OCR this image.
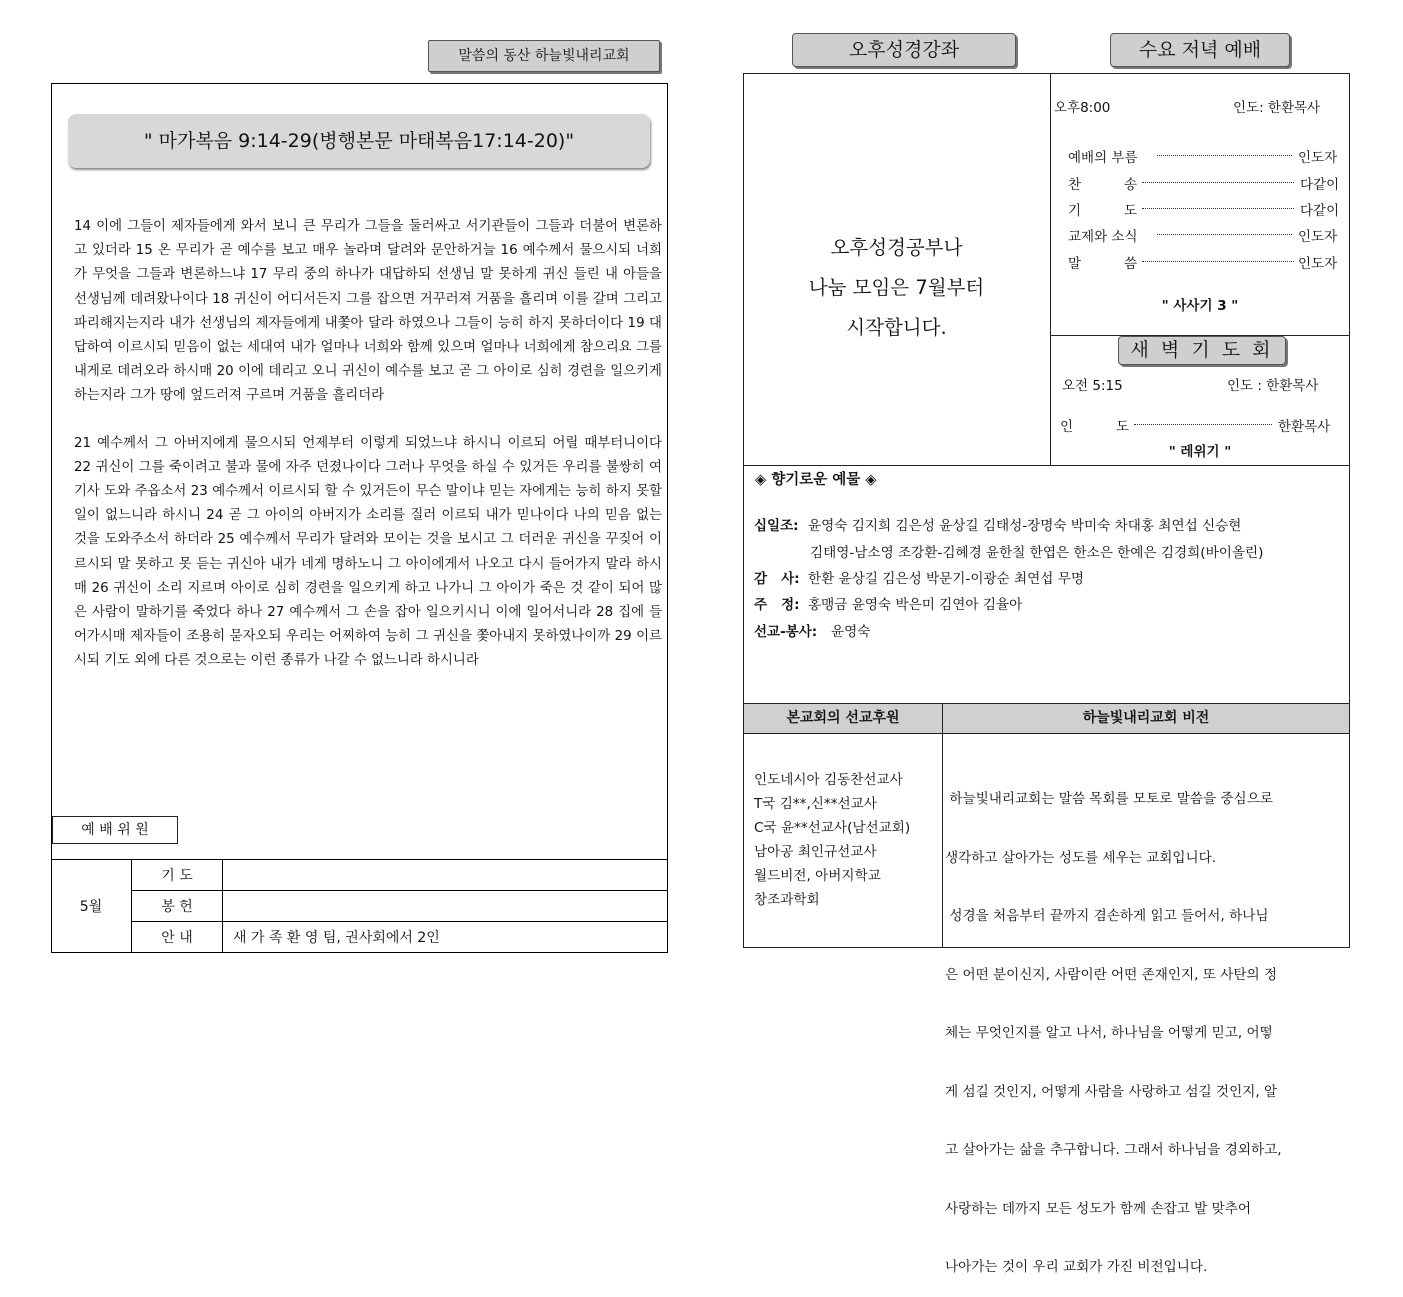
말씀의 동산 하늘빛내리교회
" 마가복음 9:14-29(병행본문 마태복음17:14-20)"

14 이에 그들이 제자들에게 와서 보니 큰 무리가 그들을 둘러싸고 서기관들이 그들과 더불어 변론하고 있더라 15 온 무리가 곧 예수를 보고 매우 놀라며 달려와 문안하거늘 16 예수께서 물으시되 너희가 무엇을 그들과 변론하느냐 17 무리 중의 하나가 대답하되 선생님 말 못하게 귀신 들린 내 아들을 선생님께 데려왔나이다 18 귀신이 어디서든지 그를 잡으면 거꾸러져 거품을 흘리며 이를 갈며 그리고 파리해지는지라 내가 선생님의 제자들에게 내쫓아 달라 하였으나 그들이 능히 하지 못하더이다 19 대답하여 이르시되 믿음이 없는 세대여 내가 얼마나 너희와 함께 있으며 얼마나 너희에게 참으리요 그를 내게로 데려오라 하시매 20 이에 데리고 오니 귀신이 예수를 보고 곧 그 아이로 심히 경련을 일으키게 하는지라 그가 땅에 엎드러져 구르며 거품을 흘리더라

21 예수께서 그 아버지에게 물으시되 언제부터 이렇게 되었느냐 하시니 이르되 어릴 때부터니이다 22 귀신이 그를 죽이려고 불과 물에 자주 던졌나이다 그러나 무엇을 하실 수 있거든 우리를 불쌍히 여기사 도와 주옵소서 23 예수께서 이르시되 할 수 있거든이 무슨 말이냐 믿는 자에게는 능히 하지 못할 일이 없느니라 하시니 24 곧 그 아이의 아버지가 소리를 질러 이르되 내가 믿나이다 나의 믿음 없는 것을 도와주소서 하더라 25 예수께서 무리가 달려와 모이는 것을 보시고 그 더러운 귀신을 꾸짖어 이르시되 말 못하고 못 듣는 귀신아 내가 네게 명하노니 그 아이에게서 나오고 다시 들어가지 말라 하시매 26 귀신이 소리 지르며 아이로 심히 경련을 일으키게 하고 나가니 그 아이가 죽은 것 같이 되어 많은 사람이 말하기를 죽었다 하나 27 예수께서 그 손을 잡아 일으키시니 이에 일어서니라 28 집에 들어가시매 제자들이 조용히 묻자오되 우리는 어찌하여 능히 그 귀신을 쫓아내지 못하였나이까 29 이르시되 기도 외에 다른 것으로는 이런 종류가 나갈 수 없느니라 하시니라

예 배 위 원
5월	기 도	
	봉 헌	
	안 내	새 가 족 환 영 팀, 권사회에서 2인
오후성경강좌	수요 저녁 예배
오후성경공부나
나눔 모임은 7월부터
시작합니다.
오후8:00	인도: 한환목사
예배의 부름	인도자
찬          송	다같이
기          도	다같이
교제와 소식	인도자
말          씀	인도자
" 사사기 3 "
새 벽 기 도 회
오전 5:15	인도 : 한환목사
인          도	한환목사
" 레위기 "
◈ 향기로운 예물 ◈
십일조: 윤영숙 김지희 김은성 윤상길 김태성-장명숙 박미숙 차대홍 최연섭 신승현
김태영-남소영 조강환-김혜경 윤한칠 한엽은 한소은 한예은 김경희(바이올린)
감   사: 한환 윤상길 김은성 박문기-이광순 최연섭 무명
주   정: 홍맹금 윤영숙 박은미 김연아 김율아
선교-봉사: 윤영숙
본교회의 선교후원	하늘빛내리교회 비전
인도네시아 김동찬선교사
T국 김**,신**선교사
C국 윤**선교사(남선교회)
남아공 최인규선교사
월드비전, 아버지학교
창조과학회

하늘빛내리교회는 말씀 목회를 모토로 말씀을 중심으로

생각하고 살아가는 성도를 세우는 교회입니다.

성경을 처음부터 끝까지 겸손하게 읽고 들어서, 하나님

은 어떤 분이신지, 사람이란 어떤 존재인지, 또 사탄의 정

체는 무엇인지를 알고 나서, 하나님을 어떻게 믿고, 어떻

게 섬길 것인지, 어떻게 사람을 사랑하고 섬길 것인지, 알

고 살아가는 삶을 추구합니다. 그래서 하나님을 경외하고,

사랑하는 데까지 모든 성도가 함께 손잡고 발 맞추어

나아가는 것이 우리 교회가 가진 비전입니다.
